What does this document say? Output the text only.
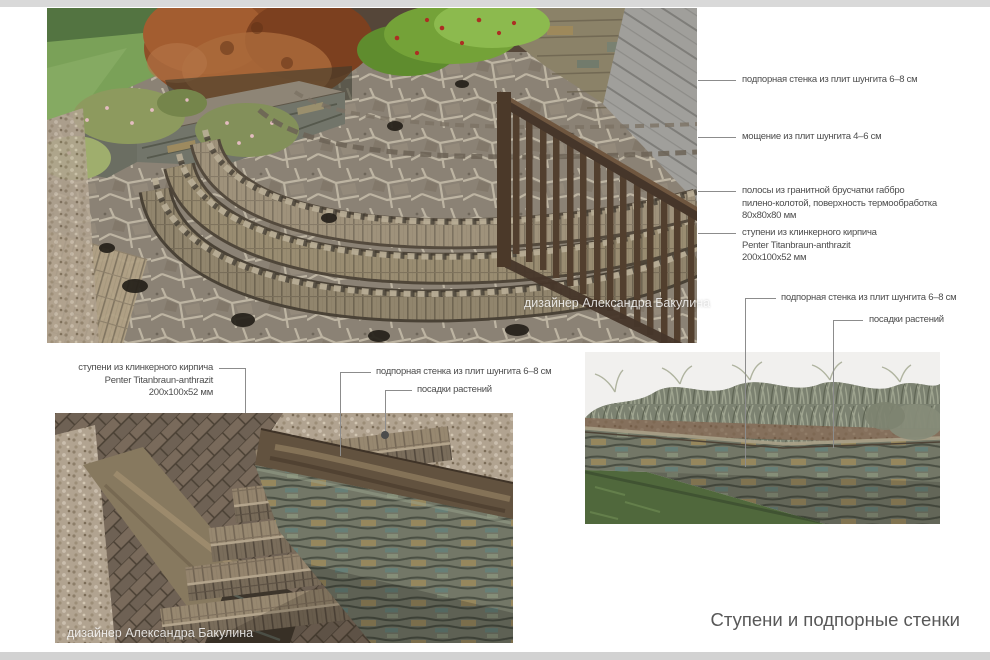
дизайнер Александра Бакулина
дизайнер Александра Бакулина
подпорная стенка из плит шунгита 6–8 см
мощение из плит шунгита 4–6 см
полосы из гранитной брусчатки габбро
пилено-колотой, поверхность термообработка
80x80x80 мм
ступени из клинкерного кирпича
Penter Titanbraun-anthrazit
200x100x52 мм
подпорная стенка из плит шунгита 6–8 см
посадки растений
ступени из клинкерного кирпича
Penter Titanbraun-anthrazit
200x100x52 мм
подпорная стенка из плит шунгита 6–8 см
посадки растений
Ступени и подпорные стенки
